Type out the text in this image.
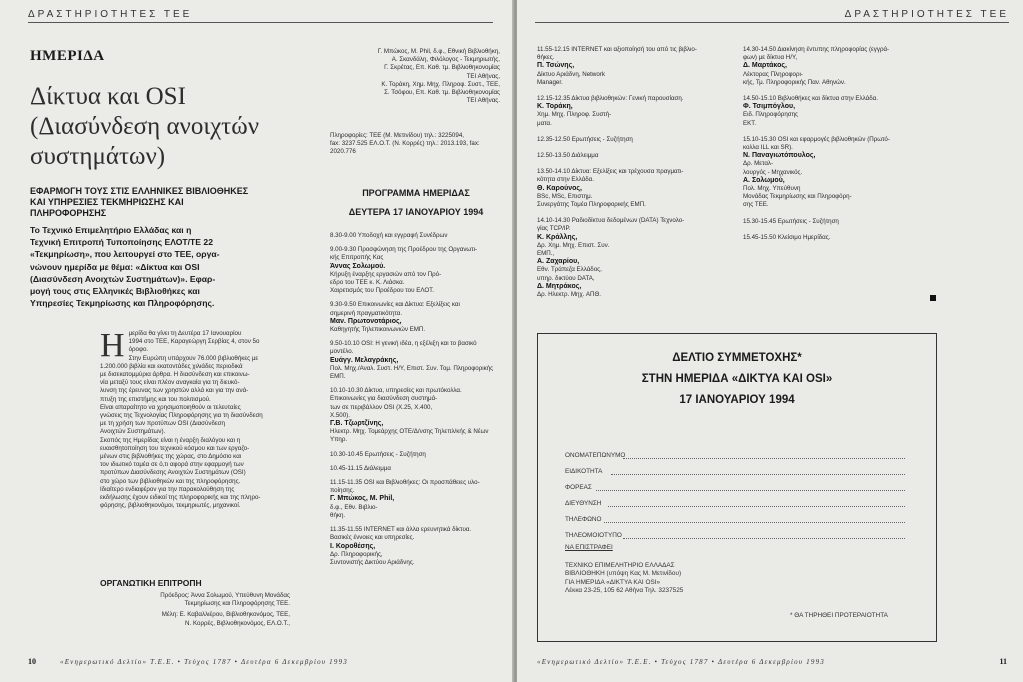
ΔΡΑΣΤΗΡΙΟΤΗΤΕΣ ΤΕΕ
ΗΜΕΡΙΔΑ
Δίκτυα και OSI
(Διασύνδεση ανοιχτών
συστημάτων)
ΕΦΑΡΜΟΓΗ ΤΟΥΣ ΣΤΙΣ ΕΛΛΗΝΙΚΕΣ ΒΙΒΛΙΟΘΗΚΕΣ
ΚΑΙ ΥΠΗΡΕΣΙΕΣ ΤΕΚΜΗΡΙΩΣΗΣ ΚΑΙ
ΠΛΗΡΟΦΟΡΗΣΗΣ
Το Τεχνικό Επιμελητήριο Ελλάδας και η
Τεχνική Επιτροπή Τυποποίησης ΕΛΟΤ/ΤΕ 22
«Τεκμηρίωση», που λειτουργεί στο ΤΕΕ, οργα-
νώνουν ημερίδα με θέμα: «Δίκτυα και OSI
(Διασύνδεση Ανοιχτών Συστημάτων)». Εφαρ-
μογή τους στις Ελληνικές Βιβλιοθήκες και
Υπηρεσίες Τεκμηρίωσης και Πληροφόρησης.
Η μερίδα θα γίνει τη Δευτέρα 17 Ιανουαρίου
1994 στο ΤΕΕ, Καραγεώργη Σερβίας 4, στον 5ο
όροφο.
Στην Ευρώπη υπάρχουν 76.000 βιβλιοθήκες με
1.200.000 βιβλία και εκατοντάδες χιλιάδες περιοδικά
με δισεκατομμύρια άρθρα. Η διασύνδεση και επικοινω-
νία μεταξύ τους είναι πλέον αναγκαία για τη διευκό-
λυνση της έρευνας των χρηστών αλλά και για την ανά-
πτυξη της επιστήμης και του πολιτισμού.
Είναι απαραίτητο να χρησιμοποιηθούν οι τελευταίες
γνώσεις της Τεχνολογίας Πληροφόρησης για τη διασύνδεση
με τη χρήση των προτύπων OSI (Διασύνδεση
Ανοιχτών Συστημάτων).
Σκοπός της Ημερίδας είναι η έναρξη διαλόγου και η
ευαισθητοποίηση του τεχνικού κόσμου και των εργαζο-
μένων στις βιβλιοθήκες της χώρας, στο Δημόσιο και
τον ιδιωτικό τομέα σε ό,τι αφορά στην εφαρμογή των
προτύπων Διασύνδεσης Ανοιχτών Συστημάτων (OSI)
στο χώρο των βιβλιοθηκών και της πληροφόρησης.
Ιδιαίτερο ενδιαφέρον για την παρακολούθηση της
εκδήλωσης έχουν ειδικοί της πληροφορικής και της πληρο-
φόρησης, βιβλιοθηκονόμοι, τεκμηριωτές, μηχανικοί.
ΟΡΓΑΝΩΤΙΚΗ ΕΠΙΤΡΟΠΗ
Πρόεδρος: Άννα Σολωμού, Υπεύθυνη Μονάδας
Τεκμηρίωσης και Πληροφόρησης ΤΕΕ.
Μέλη: Ε. Καβαλλιέρου, Βιβλιοθηκονόμος, ΤΕΕ,
Ν. Κορρές, Βιβλιοθηκονόμος, ΕΛ.Ο.Τ.,
Γ. Μπώκος, Μ. Phil, δ.φ., Εθνική Βιβλιοθήκη,
Α. Σκανδάλη, Φιλόλογος - Τεκμηριωτής,
Γ. Σκρέτας, Επ. Καθ. τμ. Βιβλιοθηκονομίας
ΤΕΙ Αθήνας,
Κ. Τοράκη, Χημ. Μηχ. Πληροφ. Συστ., ΤΕΕ,
Σ. Τσόφου, Επ. Καθ. τμ. Βιβλιοθηκονομίας
ΤΕΙ Αθήνας.
Πληροφορίες: ΤΕΕ (Μ. Μετινίδου) τηλ.: 3225094,
fax: 3237.525 ΕΛ.Ο.Τ. (Ν. Κορρές) τηλ.: 2013.193, fax:
2020.776
ΠΡΟΓΡΑΜΜΑ ΗΜΕΡΙΔΑΣ
ΔΕΥΤΕΡΑ 17 ΙΑΝΟΥΑΡΙΟΥ 1994

8.30-9.00 Υποδοχή και εγγραφή Συνέδρων

9.00-9.30 Προσφώνηση της Προέδρου της Οργανωτι-
κής Επιτροπής Κας
Άννας Σολωμού.
Κήρυξη έναρξης εργασιών από τον Πρό-
εδρο του ΤΕΕ κ. Κ. Λιάσκα.
Χαιρετισμός του Προέδρου του ΕΛΟΤ.

9.30-9.50 Επικοινωνίες και Δίκτυα: Εξελίξεις και
σημερινή πραγματικότητα.
Μαν. Πρωτονοτάριος,
Καθηγητής Τηλεπικοινωνιών ΕΜΠ.

9.50-10.10 OSI: Η γενική ιδέα, η εξέλιξη και το βασικό
μοντέλο.
Ευάγγ. Μελαγράκης,
Πολ. Μηχ./Αναλ. Συστ. Η/Υ, Επιστ. Συν. Τομ. Πληροφορικής
ΕΜΠ.

10.10-10.30 Δίκτυα, υπηρεσίες και πρωτόκολλα.
Επικοινωνίες για διασύνδεση συστημά-
των σε περιβάλλον OSI (X.25, X.400,
X.500).
Γ.Β. Τζωρτζίνης,
Ηλεκτρ. Μηχ. Τομεάρχης ΟΤΕ/Δ/νσης Τηλεπλ/κής & Νέων
Υπηρ.

10.30-10.45 Ερωτήσεις - Συζήτηση

10.45-11.15 Διάλειμμα

11.15-11.35 OSI και Βιβλιοθήκες: Οι προσπάθειες υλο-
ποίησης.
Γ. Μπώκος, Μ. Phil,
δ.φ., Εθν. Βιβλιο-
θήκη.

11.35-11.55 INTERNET και άλλα ερευνητικά δίκτυα.
Βασικές έννοιες και υπηρεσίες.
Ι. Κοροθέσης,
Δρ. Πληροφορικής,
Συντονιστής Δικτύου Αριάδνης.

10	«Ενημερωτικό Δελτίο» Τ.Ε.Ε. • Τεύχος 1787 • Δευτέρα 6 Δεκεμβρίου 1993
ΔΡΑΣΤΗΡΙΟΤΗΤΕΣ ΤΕΕ

11.55-12.15 INTERNET και αξιοποίησή του από τις βιβλιο-
θήκες.
Π. Τσώνης,
Δίκτυο Αριάδνη, Network
Manager.

12.15-12.35 Δίκτυα βιβλιοθηκών: Γενική παρουσίαση.
Κ. Τοράκη,
Χημ. Μηχ. Πληροφ. Συστή-
ματα.

12.35-12.50 Ερωτήσεις - Συζήτηση

12.50-13.50 Διάλειμμα

13.50-14.10 Δίκτυα: Εξελίξεις και τρέχουσα πραγματι-
κότητα στην Ελλάδα.
Θ. Καρούνος,
BSc, MSc, Επιστημ.
Συνεργάτης Τομέα Πληροφορικής ΕΜΠ.

14.10-14.30 Ραδιοδίκτυα δεδομένων (DATA) Τεχνολο-
γίας TCP/IP.
Κ. Κράλλης,
Δρ. Χημ. Μηχ. Επιστ. Συν.
ΕΜΠ.,
Α. Ζαχαρίου,
Εθν. Τράπεζα Ελλάδος,
υπηρ. δικτύου DATA,
Δ. Μητράκος,
Δρ. Ηλεκτρ. Μηχ. ΑΠΘ.

14.30-14.50 Διακίνηση έντυπης πληροφορίας (εγγρά-
φων) με δίκτυα Η/Υ,
Δ. Μαρτάκος,
Λέκτορας Πληροφορι-
κής, Τμ. Πληροφορικής Παν. Αθηνών.

14.50-15.10 Βιβλιοθήκες και δίκτυα στην Ελλάδα.
Φ. Τσιμπόγλου,
Ειδ. Πληροφόρησης
ΕΚΤ.

15.10-15.30 OSI και εφαρμογές βιβλιοθηκών (Πρωτό-
κολλα ILL και SR).
Ν. Παναγιωτόπουλος,
Δρ. Μεταλ-
λουργός - Μηχανικός.
Α. Σολωμού,
Πολ. Μηχ. Υπεύθυνη
Μονάδας Τεκμηρίωσης και Πληροφόρη-
σης ΤΕΕ.

15.30-15.45 Ερωτήσεις - Συζήτηση

15.45-15.50 Κλείσιμο Ημερίδας.

«Ενημερωτικό Δελτίο» Τ.Ε.Ε. • Τεύχος 1787 • Δευτέρα 6 Δεκεμβρίου 1993	11
ΔΕΛΤΙΟ ΣΥΜΜΕΤΟΧΗΣ*
ΣΤΗΝ ΗΜΕΡΙΔΑ «ΔΙΚΤΥΑ ΚΑΙ OSI»
17 ΙΑΝΟΥΑΡΙΟΥ 1994
ΟΝΟΜΑΤΕΠΩΝΥΜΟ
ΕΙΔΙΚΟΤΗΤΑ
ΦΟΡΕΑΣ
ΔΙΕΥΘΥΝΣΗ
ΤΗΛΕΦΩΝΟ
ΤΗΛΕΟΜΟΙΟΤΥΠΟ
ΝΑ ΕΠΙΣΤΡΑΦΕΙ
ΤΕΧΝΙΚΟ ΕΠΙΜΕΛΗΤΗΡΙΟ ΕΛΛΑΔΑΣ
ΒΙΒΛΙΟΘΗΚΗ (υπόψη Κας Μ. Μετινίδου)
ΓΙΑ ΗΜΕΡΙΔΑ «ΔΙΚΤΥΑ ΚΑΙ OSI»
Λέκκα 23-25, 105 62 Αθήνα Τηλ. 3237525
* ΘΑ ΤΗΡΗΘΕΙ ΠΡΟΤΕΡΑΙΟΤΗΤΑ
